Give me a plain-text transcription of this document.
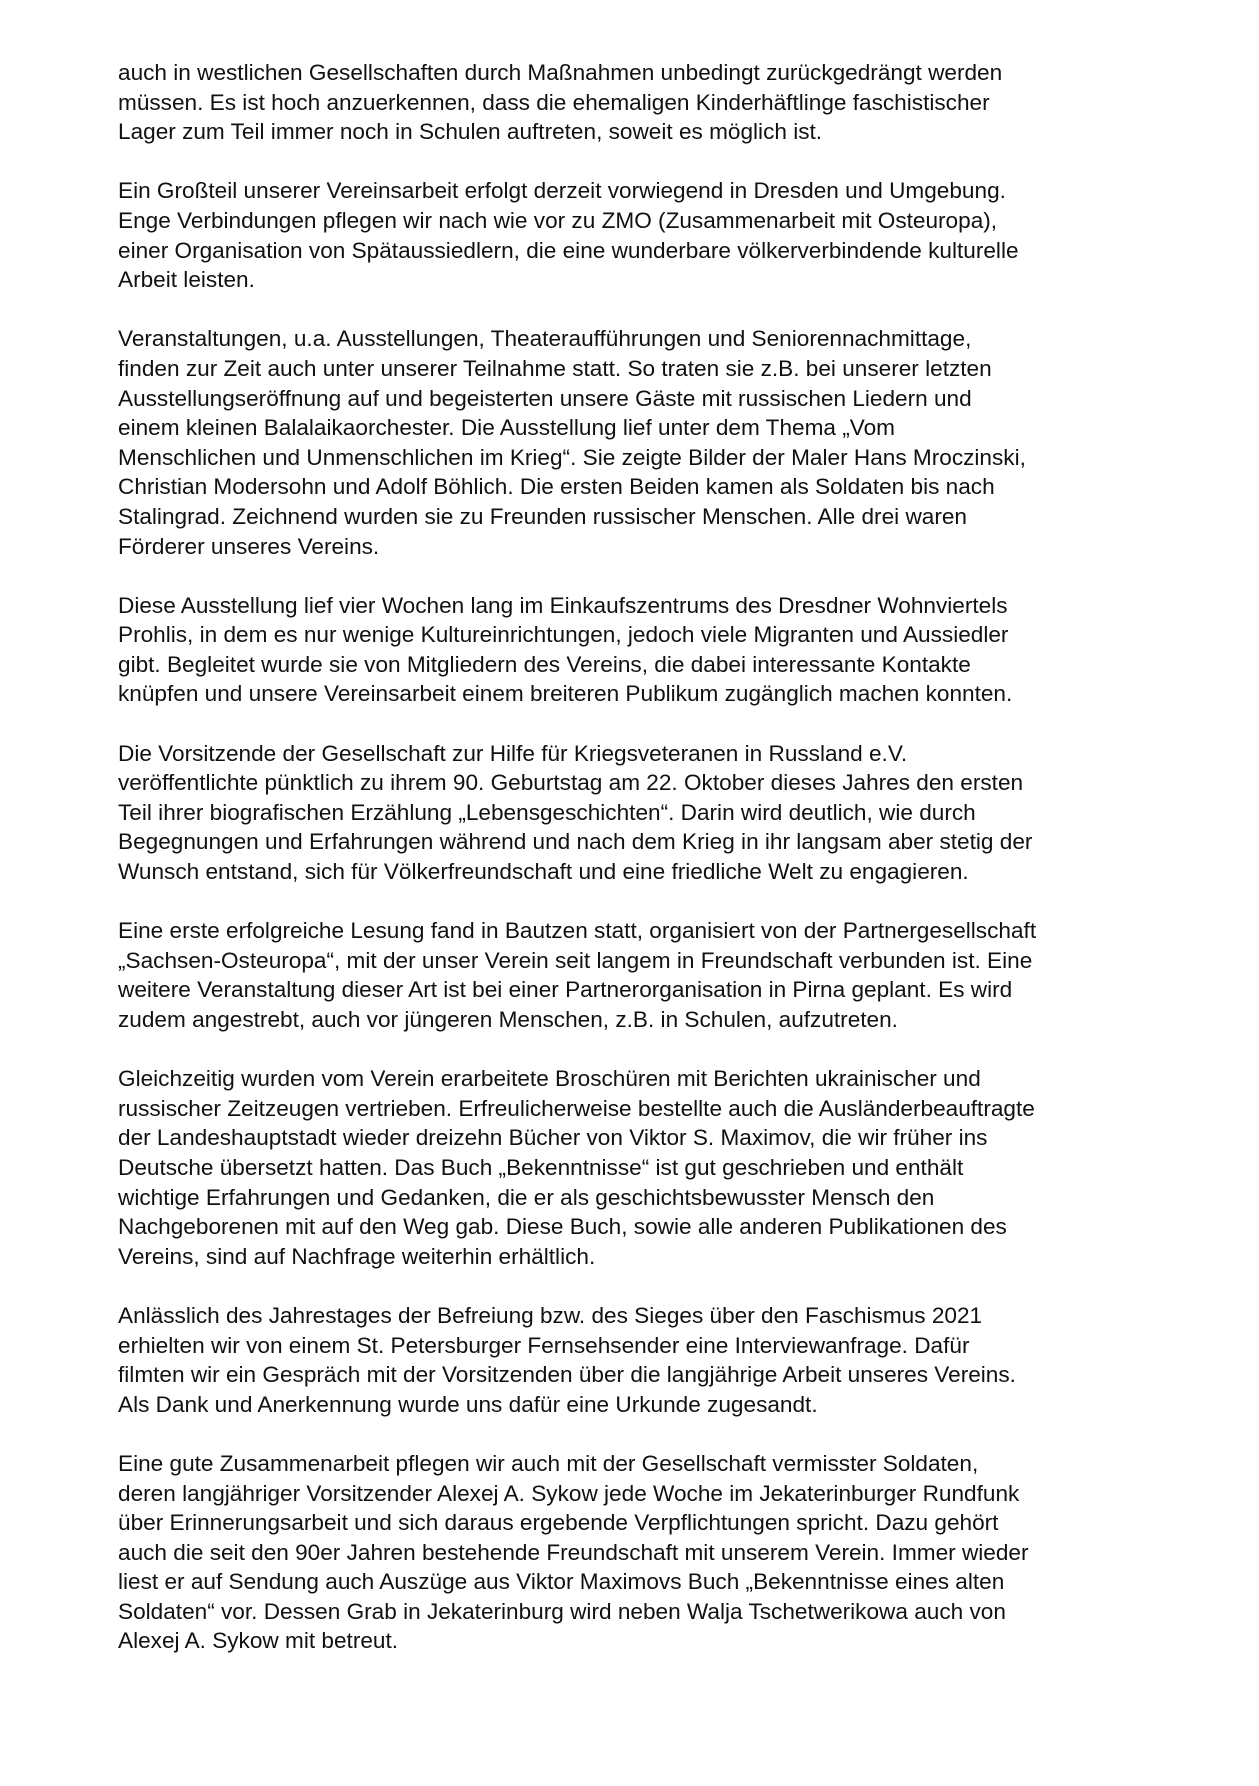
auch in westlichen Gesellschaften durch Maßnahmen unbedingt zurückgedrängt werden
müssen. Es ist hoch anzuerkennen, dass die ehemaligen Kinderhäftlinge faschistischer
Lager zum Teil immer noch in Schulen auftreten, soweit es möglich ist.

Ein Großteil unserer Vereinsarbeit erfolgt derzeit vorwiegend in Dresden und Umgebung.
Enge Verbindungen pflegen wir nach wie vor zu ZMO (Zusammenarbeit mit Osteuropa),
einer Organisation von Spätaussiedlern, die eine wunderbare völkerverbindende kulturelle
Arbeit leisten.

Veranstaltungen, u.a. Ausstellungen, Theateraufführungen und Seniorennachmittage,
finden zur Zeit auch unter unserer Teilnahme statt. So traten sie z.B. bei unserer letzten
Ausstellungseröffnung auf und begeisterten unsere Gäste mit russischen Liedern und
einem kleinen Balalaikaorchester. Die Ausstellung lief unter dem Thema „Vom
Menschlichen und Unmenschlichen im Krieg“. Sie zeigte Bilder der Maler Hans Mroczinski,
Christian Modersohn und Adolf Böhlich. Die ersten Beiden kamen als Soldaten bis nach
Stalingrad. Zeichnend wurden sie zu Freunden russischer Menschen. Alle drei waren
Förderer unseres Vereins.

Diese Ausstellung lief vier Wochen lang im Einkaufszentrums des Dresdner Wohnviertels
Prohlis, in dem es nur wenige Kultureinrichtungen, jedoch viele Migranten und Aussiedler
gibt. Begleitet wurde sie von Mitgliedern des Vereins, die dabei interessante Kontakte
knüpfen und unsere Vereinsarbeit einem breiteren Publikum zugänglich machen konnten.

Die Vorsitzende der Gesellschaft zur Hilfe für Kriegsveteranen in Russland e.V.
veröffentlichte pünktlich zu ihrem 90. Geburtstag am 22. Oktober dieses Jahres den ersten
Teil ihrer biografischen Erzählung „Lebensgeschichten“. Darin wird deutlich, wie durch
Begegnungen und Erfahrungen während und nach dem Krieg in ihr langsam aber stetig der
Wunsch entstand, sich für Völkerfreundschaft und eine friedliche Welt zu engagieren.

Eine erste erfolgreiche Lesung fand in Bautzen statt, organisiert von der Partnergesellschaft
„Sachsen-Osteuropa“, mit der unser Verein seit langem in Freundschaft verbunden ist. Eine
weitere Veranstaltung dieser Art ist bei einer Partnerorganisation in Pirna geplant. Es wird
zudem angestrebt, auch vor jüngeren Menschen, z.B. in Schulen, aufzutreten.

Gleichzeitig wurden vom Verein erarbeitete Broschüren mit Berichten ukrainischer und
russischer Zeitzeugen vertrieben. Erfreulicherweise bestellte auch die Ausländerbeauftragte
der Landeshauptstadt wieder dreizehn Bücher von Viktor S. Maximov, die wir früher ins
Deutsche übersetzt hatten. Das Buch „Bekenntnisse“ ist gut geschrieben und enthält
wichtige Erfahrungen und Gedanken, die er als geschichtsbewusster Mensch den
Nachgeborenen mit auf den Weg gab. Diese Buch, sowie alle anderen Publikationen des
Vereins, sind auf Nachfrage weiterhin erhältlich.

Anlässlich des Jahrestages der Befreiung bzw. des Sieges über den Faschismus 2021
erhielten wir von einem St. Petersburger Fernsehsender eine Interviewanfrage. Dafür
filmten wir ein Gespräch mit der Vorsitzenden über die langjährige Arbeit unseres Vereins.
Als Dank und Anerkennung wurde uns dafür eine Urkunde zugesandt.

Eine gute Zusammenarbeit pflegen wir auch mit der Gesellschaft vermisster Soldaten,
deren langjähriger Vorsitzender Alexej A. Sykow jede Woche im Jekaterinburger Rundfunk
über Erinnerungsarbeit und sich daraus ergebende Verpflichtungen spricht. Dazu gehört
auch die seit den 90er Jahren bestehende Freundschaft mit unserem Verein. Immer wieder
liest er auf Sendung auch Auszüge aus Viktor Maximovs Buch „Bekenntnisse eines alten
Soldaten“ vor. Dessen Grab in Jekaterinburg wird neben Walja Tschetwerikowa auch von
Alexej A. Sykow mit betreut.
